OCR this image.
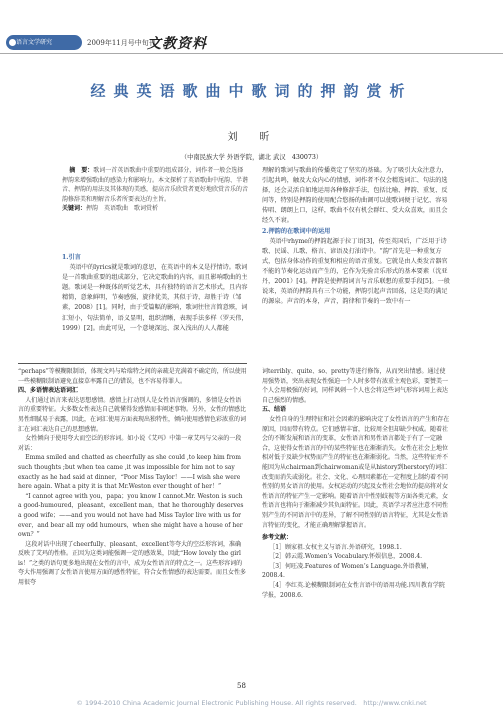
语言文学研究	2009年11月号中旬刊
文教资料
经典英语歌曲中歌词的押韵赏析
刘　昕
（中南民族大学 外语学院，湖北 武汉　430073）
摘　要：歌词一首英语歌曲中重要的组成部分，词作者一般会选择押韵来增强歌曲的感染力和影响力。本文探析了英语歌曲中尾韵、半谐音、押韵的用法及其体现的美感，提高音乐欣赏者更好地欣赏音乐的音韵修辞美和理解音乐者所要表达的主旨。
关键词：押韵　英语歌曲　歌词赏析

1.引言

英语中的lyrics就是歌词的意思，在英语中的本义是抒情诗。歌词是一首歌曲重要的组成部分，它决定歌曲的内容，而且影响歌曲的主题。歌词是一种既体的听觉艺术，具有独特的语言艺术形式，且内容精简，意象鲜明，节奏感强，旋律优美，其似于诗，却胜于诗（邹素，2008）[1]。同时，由于受篇幅的影响，歌词往往言简意赅，词汇短小，句法简单，语义显明，组织清晰，表现手法多样（罗天伟，1999）[2]。由此可见，一个意境深远、深入浅出的人人都能

理解的歌词与歌曲的传播奠定了坚实的基础。为了吸引大众注意力，引起共鸣，触及大众内心的情感，词作者不仅会精选词汇、句法的选择，还会灵活自如地运用各种修辞手法，包括比喻、押韵、重复、反问等，特别是押韵的使用配合悠扬的曲调可以使歌词便于记忆、容易传唱、朗朗上口，这样，歌曲不仅有机会群红、受大众喜欢，而且会经久不衰。

2.押韵的在歌词中的运用

英语中rhyme的押韵起源于拉丁语[3]，传至英国后，广泛用于诗歌、民谣、儿歌、格言、谚语及打油诗中。“韵”首先是一种重复方式，包括身体动作的重复和相应的语音重复。它就是由人类发音器官不能的节奏化运动而产生的，它作为先验音乐形式的基本要素（沈亚丹，2001）[4]。押韵是使押韵词言与音乐联想的重要手段[5]。一般说来，英语的押韵具有三个功能，押韵引起声音回荡，这是美的满足的源泉。声音的本身，声音，韵律和节奏的一致中有一

“perhaps”等模糊限制语，体现文玛与哈瑞特之间的亲疏是充满着不确定的，所以使用一些模糊限制语避免直接草率露自己的错误，也不容易得罪人。

四、多语情表达语词汇

人们通过语言来表达思想感情。感情上打动别人是女性语言强调的，多情是女性语言的重要特征。大多数女性表达自己就懂得发感情而非阐述事物。另外，女性的情感比男性细腻易于表露，因此，在词汇使用方面表现出独特性，倾向使用感情色彩浓重的词汇在词汇表达自己的思想感情。

女性倾向于使用夸大而空泛的形容词。如小说《艾玛》中第一章艾玛与父亲的一段对话：

Emma smiled and chatted as cheerfully as she could ,to keep him from such thoughts ;but when tea came ,it was impossible for him not to say exactly as he had said at dinner，“Poor Miss Taylor！——I wish she were here again. What a pity it is that Mr.Weston ever thought of her！”

“I cannot agree with you，papa；you know I cannot.Mr. Weston is such a good-humoured，pleasant，excellent man，that he thoroughly deserves a good wife；——and you would not have had Miss Taylor live with us for ever，and bear all my odd humours，when she might have a house of her own？”

这段对话中出现了cheerfully、pleasant、excellent等夸大的空泛形容词，准确反映了艾玛的性格。正因为这类词能强调一定的感效果，因此“How lovely the girl is！”之类的语句更多地出现在女性的言中，成为女性语言的特点之一。这些形容词的夸大作用强调了女性语言使用方面的感性特征，符合女性情感的表达需要。而且女性多用很夸

词terribly、quite、so、pretty等进行修饰，从而突出情感。通过使用强势语，突出表现女性强迫一个人时多带有浓重主观色彩，要赞美一个人会用极强的好词，同样讽刺一个人也会将这些词气形容词用上表达自己强烈的情感。

五、结语

女性自身的生理特征和社会因素的影响决定了女性语言的产生和存在原因，因而带有特点。它们感情丰富，比较周全但却缺少权威。随着社会的不断发展和语言的变革，女性语言和男性语言都处于有了一定融合，这使得女性语言的中的某些特征也在渐渐消失。女性在社会上地位相对低于及缺少权势而产生的特征也在渐渐弱化。当然，这些特征并不能因为从chairman到chairwoman或是从history到herstory的词汇改变而消失或弱化。社会、文化、心理因素都在一定程度上制约着不同性别的男女语言的使用。女权运动的兴起及女性社会地位的提高将对女性语言的特征产生一定影响。随着语言中性别歧视等方面各类元素，女性语言也将向于渐渐减少其负面特征。因此，英语学习者应注意不同性别产生的不同语言中的差异，了解不同性别的语言特征，尤其是女性语言特征的变化，才能正确理解掌握语言。

参考文献：

［1］顾家祖.女权主义与语言.外语研究，1998.1.

［2］韩云霞.Women’s Vocabulary.怀娱信息，2008.4.

［3］何旺凌.Features of Women’s Language.外语教辅，2008.4.

［4］李红英.论模糊限制词在女性言语中的语用功能.四川教育学院学报，2008.6.

58
© 1994-2010 China Academic Journal Electronic Publishing House. All rights reserved.　http://www.cnki.net
